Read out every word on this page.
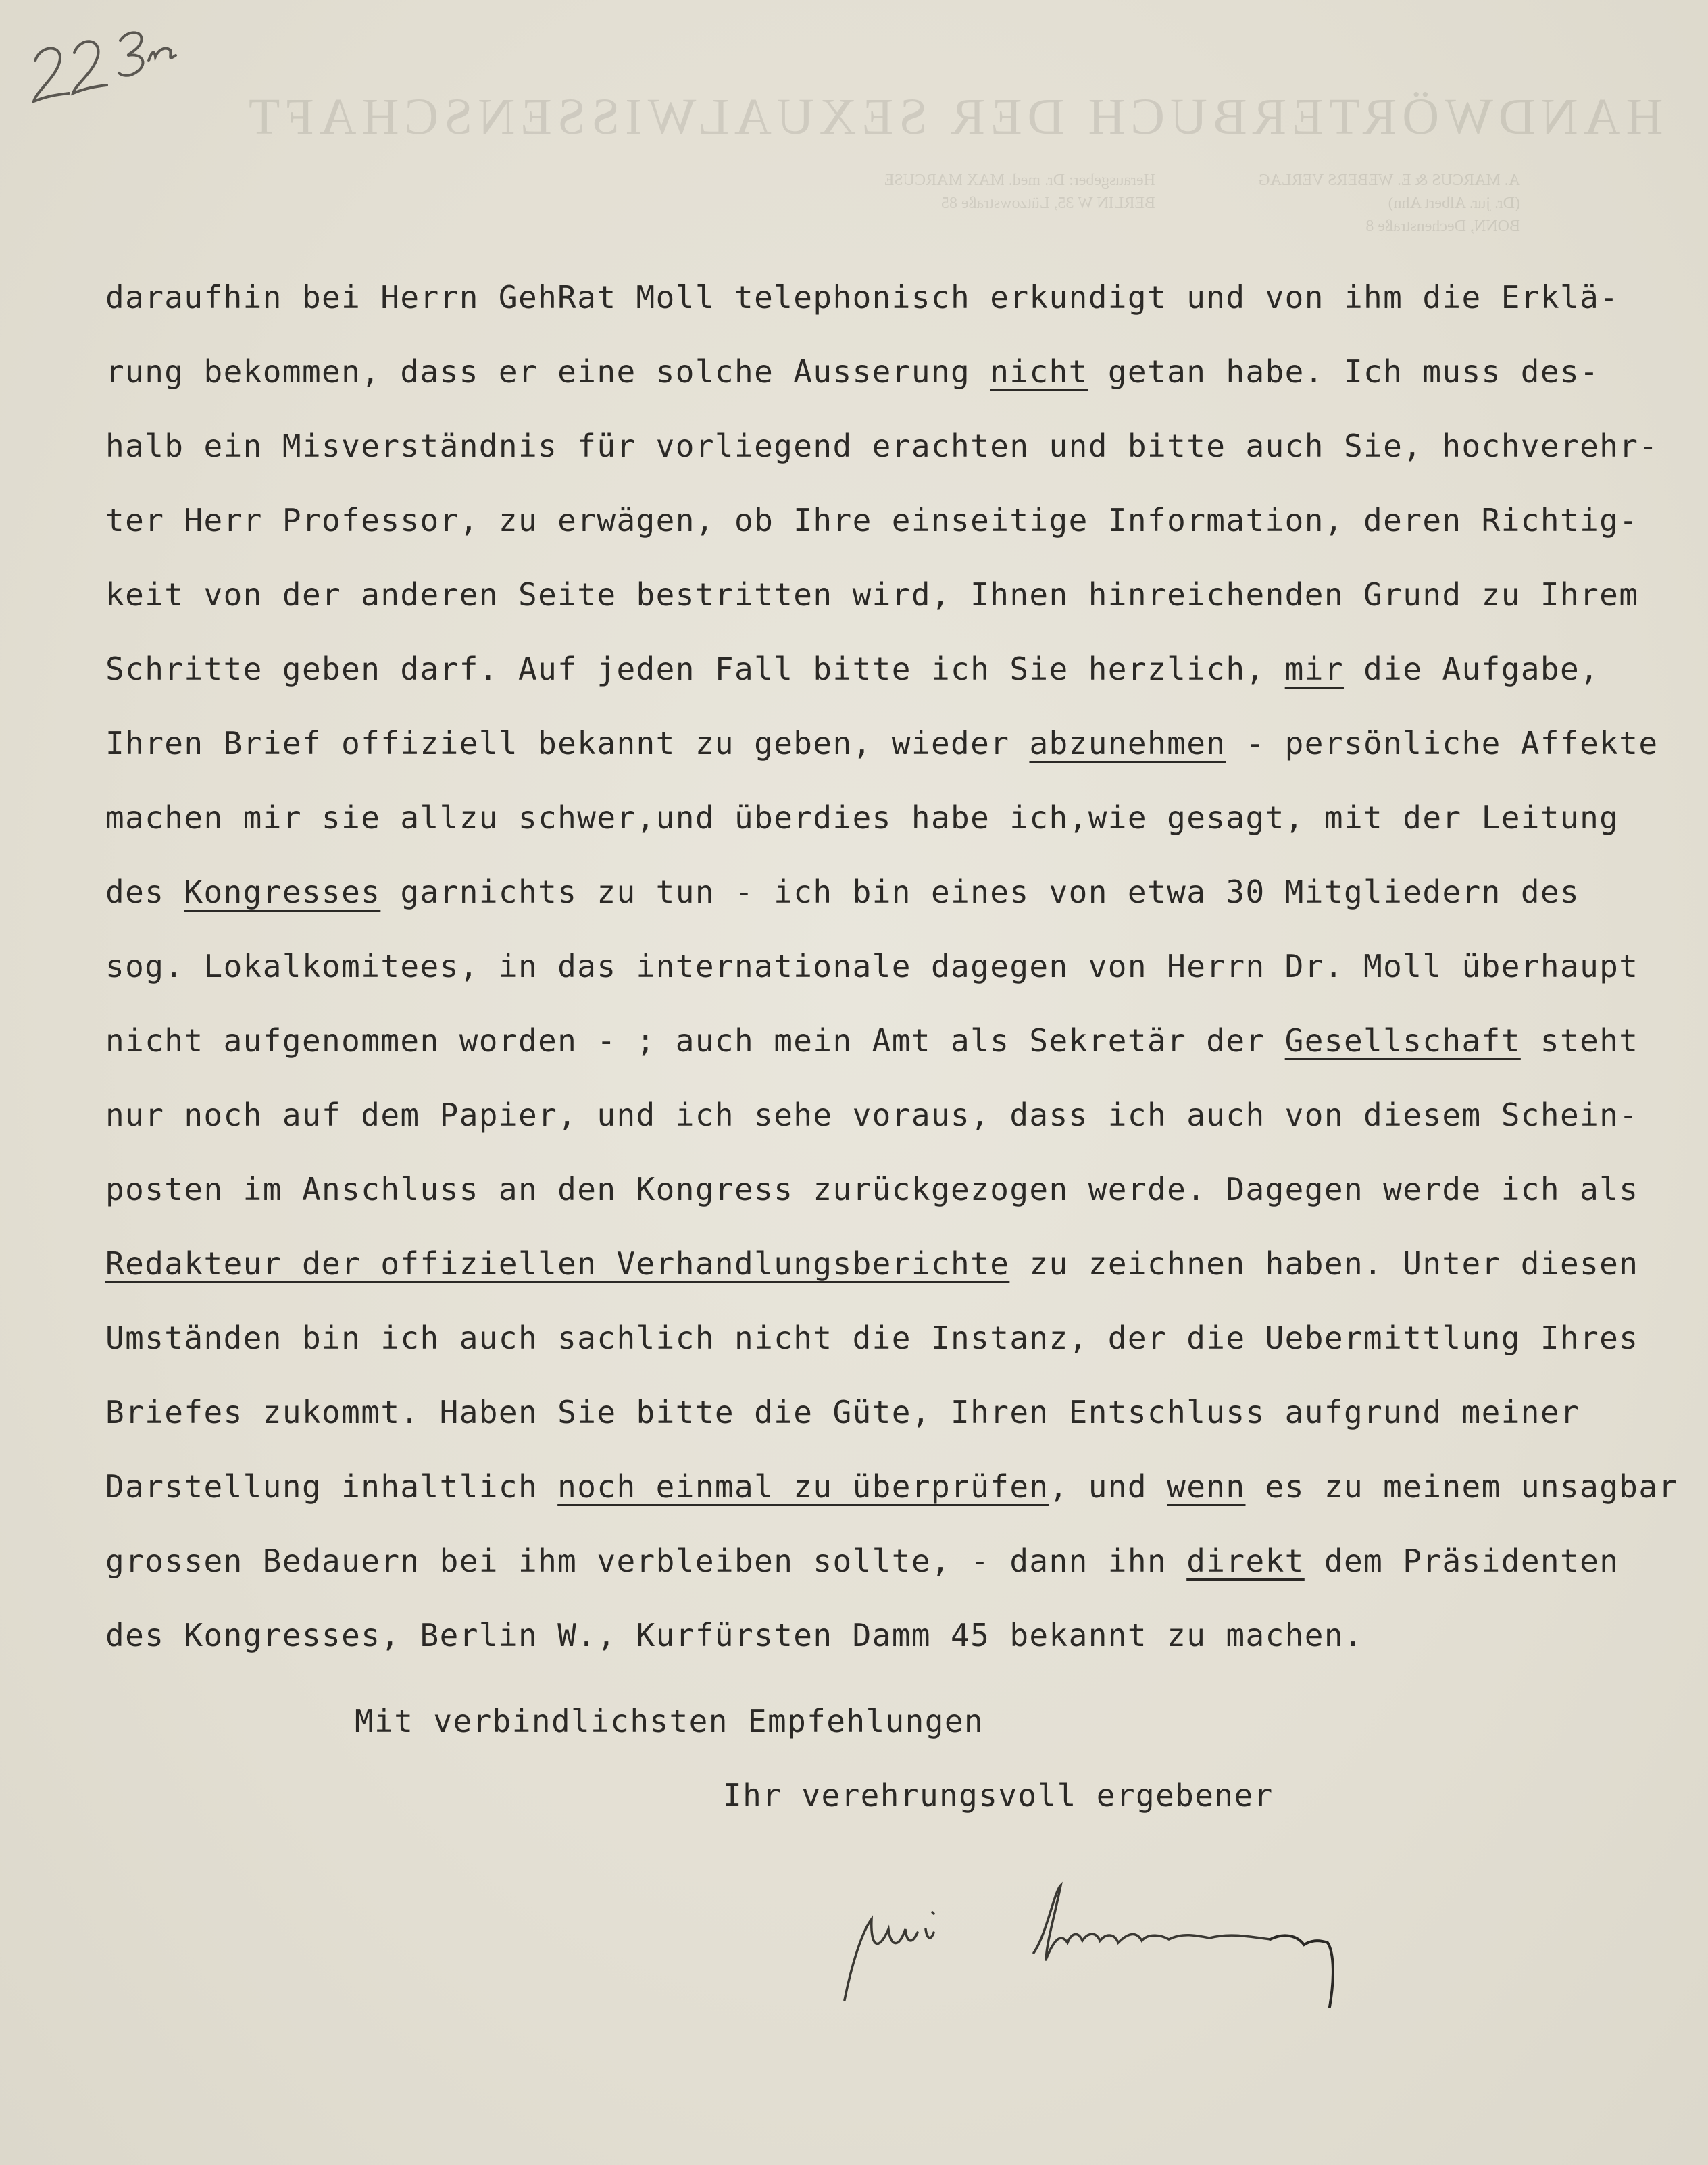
HANDWÖRTERBUCH DER SEXUALWISSENSCHAFT
A. MARCUS & E. WEBERS VERLAG
(Dr. jur. Albert Ahn)
BONN, Dechenstraße 8
Herausgeber: Dr. med. MAX MARCUSE
BERLIN W 35, Lützowstraße 85
daraufhin bei Herrn GehRat Moll telephonisch erkundigt und von ihm die Erklä-
rung bekommen, dass er eine solche Ausserung nicht getan habe. Ich muss des-
halb ein Misverständnis für vorliegend erachten und bitte auch Sie, hochverehr-
ter Herr Professor, zu erwägen, ob Ihre einseitige Information, deren Richtig-
keit von der anderen Seite bestritten wird, Ihnen hinreichenden Grund zu Ihrem
Schritte geben darf. Auf jeden Fall bitte ich Sie herzlich, mir die Aufgabe,
Ihren Brief offiziell bekannt zu geben, wieder abzunehmen - persönliche Affekte
machen mir sie allzu schwer,und überdies habe ich,wie gesagt, mit der Leitung
des Kongresses garnichts zu tun - ich bin eines von etwa 30 Mitgliedern des
sog. Lokalkomitees, in das internationale dagegen von Herrn Dr. Moll überhaupt
nicht aufgenommen worden - ; auch mein Amt als Sekretär der Gesellschaft steht
nur noch auf dem Papier, und ich sehe voraus, dass ich auch von diesem Schein-
posten im Anschluss an den Kongress zurückgezogen werde. Dagegen werde ich als
Redakteur der offiziellen Verhandlungsberichte zu zeichnen haben. Unter diesen
Umständen bin ich auch sachlich nicht die Instanz, der die Uebermittlung Ihres
Briefes zukommt. Haben Sie bitte die Güte, Ihren Entschluss aufgrund meiner
Darstellung inhaltlich noch einmal zu überprüfen, und wenn es zu meinem unsagbar
grossen Bedauern bei ihm verbleiben sollte, - dann ihn direkt dem Präsidenten
des Kongresses, Berlin W., Kurfürsten Damm 45 bekannt zu machen.
Mit verbindlichsten Empfehlungen
Ihr verehrungsvoll ergebener
